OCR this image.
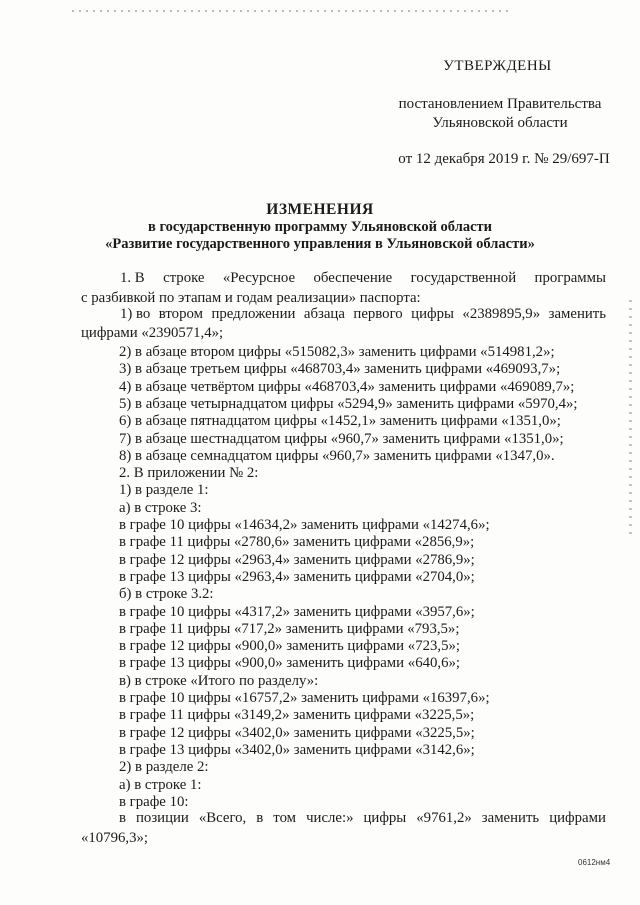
УТВЕРЖДЕНЫ
постановлением Правительства
Ульяновской области
от 12 декабря 2019 г. № 29/697-П
ИЗМЕНЕНИЯ
в государственную программу Ульяновской области
«Развитие государственного управления в Ульяновской области»
1. В строке «Ресурсное обеспечение государственной программы
с разбивкой по этапам и годам реализации» паспорта:
1) во втором предложении абзаца первого цифры «2389895,9» заменить
цифрами «2390571,4»;
2) в абзаце втором цифры «515082,3» заменить цифрами «514981,2»;
3) в абзаце третьем цифры «468703,4» заменить цифрами «469093,7»;
4) в абзаце четвёртом цифры «468703,4» заменить цифрами «469089,7»;
5) в абзаце четырнадцатом цифры «5294,9» заменить цифрами «5970,4»;
6) в абзаце пятнадцатом цифры «1452,1» заменить цифрами «1351,0»;
7) в абзаце шестнадцатом цифры «960,7» заменить цифрами «1351,0»;
8) в абзаце семнадцатом цифры «960,7» заменить цифрами «1347,0».
2. В приложении № 2:
1) в разделе 1:
а) в строке 3:
в графе 10 цифры «14634,2» заменить цифрами «14274,6»;
в графе 11 цифры «2780,6» заменить цифрами «2856,9»;
в графе 12 цифры «2963,4» заменить цифрами «2786,9»;
в графе 13 цифры «2963,4» заменить цифрами «2704,0»;
б) в строке 3.2:
в графе 10 цифры «4317,2» заменить цифрами «3957,6»;
в графе 11 цифры «717,2» заменить цифрами «793,5»;
в графе 12 цифры «900,0» заменить цифрами «723,5»;
в графе 13 цифры «900,0» заменить цифрами «640,6»;
в) в строке «Итого по разделу»:
в графе 10 цифры «16757,2» заменить цифрами «16397,6»;
в графе 11 цифры «3149,2» заменить цифрами «3225,5»;
в графе 12 цифры «3402,0» заменить цифрами «3225,5»;
в графе 13 цифры «3402,0» заменить цифрами «3142,6»;
2) в разделе 2:
а) в строке 1:
в графе 10:
в позиции «Всего, в том числе:» цифры «9761,2» заменить цифрами
«10796,3»;
0612нм4
